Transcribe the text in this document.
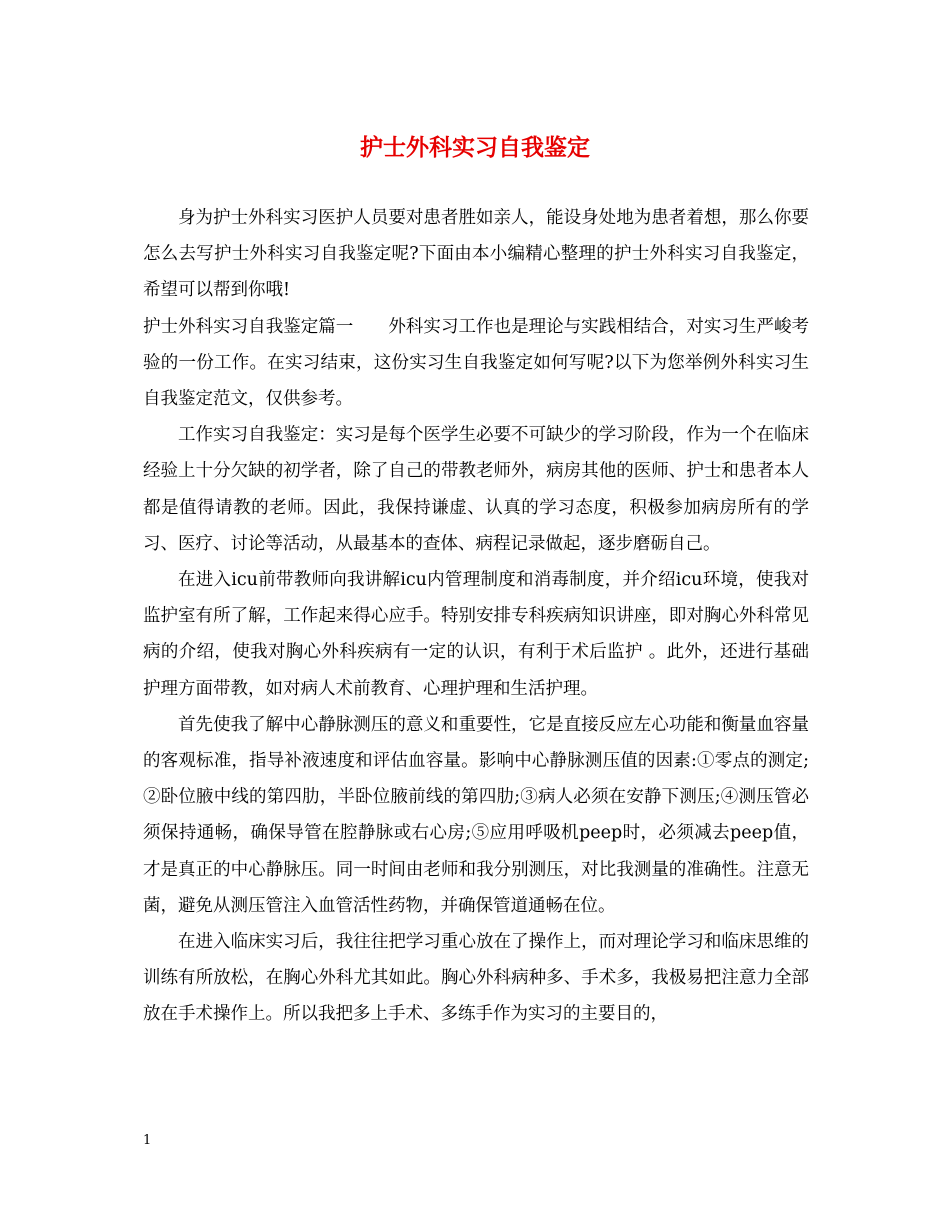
护士外科实习自我鉴定

身为护士外科实习医护人员要对患者胜如亲人，能设身处地为患者着想，那么你要怎么去写护士外科实习自我鉴定呢?下面由本小编精心整理的护士外科实习自我鉴定，希望可以帮到你哦!

护士外科实习自我鉴定篇一　　外科实习工作也是理论与实践相结合，对实习生严峻考验的一份工作。在实习结束，这份实习生自我鉴定如何写呢?以下为您举例外科实习生自我鉴定范文，仅供参考。

工作实习自我鉴定：实习是每个医学生必要不可缺少的学习阶段，作为一个在临床经验上十分欠缺的初学者，除了自己的带教老师外，病房其他的医师、护士和患者本人都是值得请教的老师。因此，我保持谦虚、认真的学习态度，积极参加病房所有的学习、医疗、讨论等活动，从最基本的查体、病程记录做起，逐步磨砺自己。

在进入icu前带教师向我讲解icu内管理制度和消毒制度，并介绍icu环境，使我对监护室有所了解，工作起来得心应手。特别安排专科疾病知识讲座，即对胸心外科常见病的介绍，使我对胸心外科疾病有一定的认识，有利于术后监护 。此外，还进行基础护理方面带教，如对病人术前教育、心理护理和生活护理。

首先使我了解中心静脉测压的意义和重要性，它是直接反应左心功能和衡量血容量的客观标准，指导补液速度和评估血容量。影响中心静脉测压值的因素:①零点的测定;②卧位腋中线的第四肋，半卧位腋前线的第四肋;③病人必须在安静下测压;④测压管必须保持通畅，确保导管在腔静脉或右心房;⑤应用呼吸机peep时，必须减去peep值，才是真正的中心静脉压。同一时间由老师和我分别测压，对比我测量的准确性。注意无菌，避免从测压管注入血管活性药物，并确保管道通畅在位。

在进入临床实习后，我往往把学习重心放在了操作上，而对理论学习和临床思维的训练有所放松，在胸心外科尤其如此。胸心外科病种多、手术多，我极易把注意力全部放在手术操作上。所以我把多上手术、多练手作为实习的主要目的，

1
